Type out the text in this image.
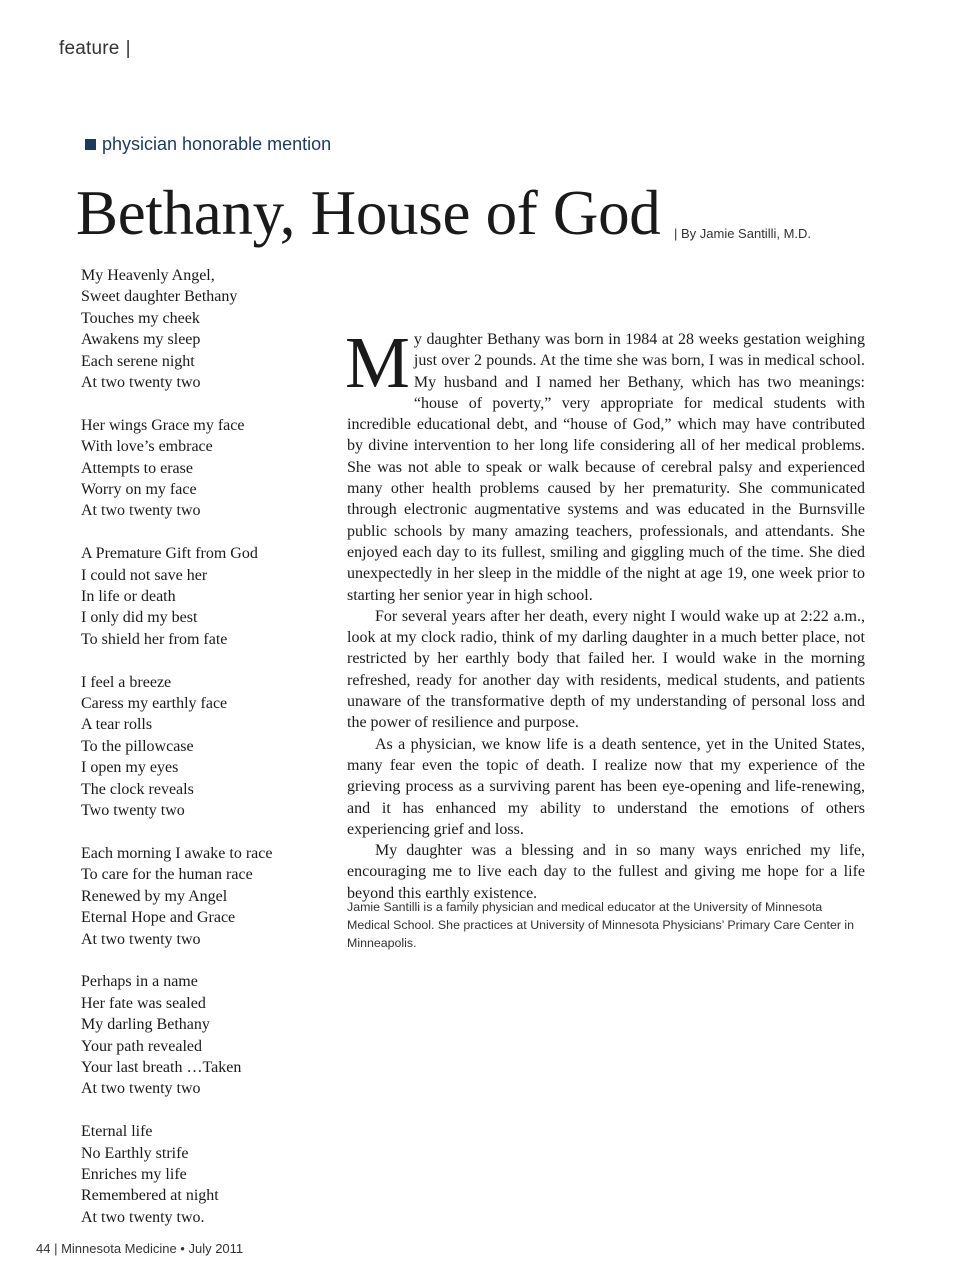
feature |
physician honorable mention
Bethany, House of God | By Jamie Santilli, M.D.
My Heavenly Angel,
Sweet daughter Bethany
Touches my cheek
Awakens my sleep
Each serene night
At two twenty two
Her wings Grace my face
With love’s embrace
Attempts to erase
Worry on my face
At two twenty two
A Premature Gift from God
I could not save her
In life or death
I only did my best
To shield her from fate
I feel a breeze
Caress my earthly face
A tear rolls
To the pillowcase
I open my eyes
The clock reveals
Two twenty two
Each morning I awake to race
To care for the human race
Renewed by my Angel
Eternal Hope and Grace
At two twenty two
Perhaps in a name
Her fate was sealed
My darling Bethany
Your path revealed
Your last breath …Taken
At two twenty two
Eternal life
No Earthly strife
Enriches my life
Remembered at night
At two twenty two.

My daughter Bethany was born in 1984 at 28 weeks gestation weighing just over 2 pounds. At the time she was born, I was in medical school. My husband and I named her Bethany, which has two meanings: “house of poverty,” very appropriate for medical students with incredible educational debt, and “house of God,” which may have contributed by divine intervention to her long life considering all of her medical problems. She was not able to speak or walk because of cerebral palsy and experienced many other health problems caused by her prematurity. She communicated through electronic augmentative systems and was educated in the Burnsville public schools by many amazing teachers, professionals, and attendants. She enjoyed each day to its fullest, smiling and giggling much of the time. She died unexpectedly in her sleep in the middle of the night at age 19, one week prior to starting her senior year in high school.

For several years after her death, every night I would wake up at 2:22 a.m., look at my clock radio, think of my darling daughter in a much better place, not restricted by her earthly body that failed her. I would wake in the morning refreshed, ready for another day with residents, medical students, and patients unaware of the transformative depth of my understanding of personal loss and the power of resilience and purpose.

As a physician, we know life is a death sentence, yet in the United States, many fear even the topic of death. I realize now that my experience of the grieving process as a surviving parent has been eye-opening and life-renewing, and it has enhanced my ability to understand the emotions of others experiencing grief and loss.

My daughter was a blessing and in so many ways enriched my life, encouraging me to live each day to the fullest and giving me hope for a life beyond this earthly existence.

Jamie Santilli is a family physician and medical educator at the University of Minnesota Medical School. She practices at University of Minnesota Physicians’ Primary Care Center in Minneapolis.
44 | Minnesota Medicine • July 2011
